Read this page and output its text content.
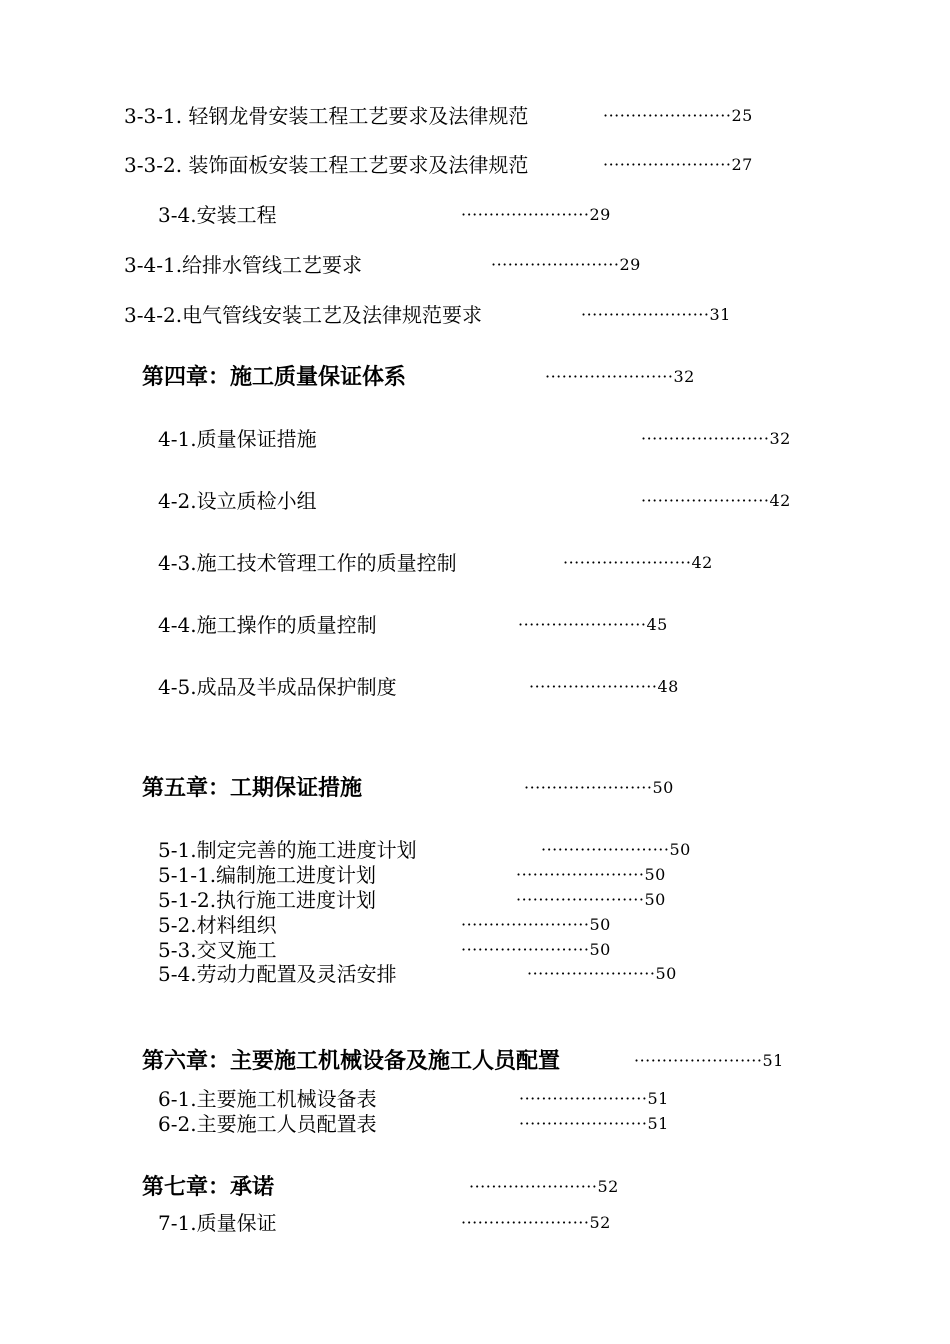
3-3-1. 轻钢龙骨安装工程工艺要求及法律规范	·······················25
3-3-2. 装饰面板安装工程工艺要求及法律规范	·······················27
3-4.安装工程	·······················29
3-4-1.给排水管线工艺要求	·······················29
3-4-2.电气管线安装工艺及法律规范要求	·······················31
第四章：施工质量保证体系	·······················32
4-1.质量保证措施	·······················32
4-2.设立质检小组	·······················42
4-3.施工技术管理工作的质量控制	·······················42
4-4.施工操作的质量控制	·······················45
4-5.成品及半成品保护制度	·······················48
第五章：工期保证措施	·······················50
5-1.制定完善的施工进度计划	·······················50
5-1-1.编制施工进度计划	·······················50
5-1-2.执行施工进度计划	·······················50
5-2.材料组织	·······················50
5-3.交叉施工	·······················50
5-4.劳动力配置及灵活安排	·······················50
第六章：主要施工机械设备及施工人员配置	·······················51
6-1.主要施工机械设备表	·······················51
6-2.主要施工人员配置表	·······················51
第七章：承诺	·······················52
7-1.质量保证	·······················52
